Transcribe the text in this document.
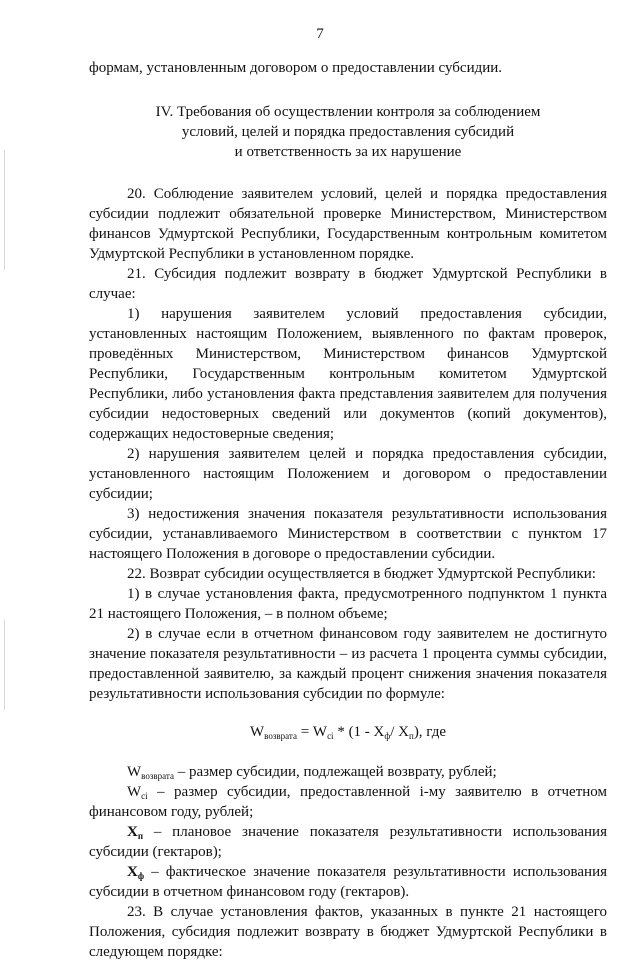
7

формам, установленным договором о предоставлении субсидии.

IV. Требования об осуществлении контроля за соблюдением
условий, целей и порядка предоставления субсидий
и ответственность за их нарушение

20. Соблюдение заявителем условий, целей и порядка предоставления субсидии подлежит обязательной проверке Министерством, Министерством финансов Удмуртской Республики, Государственным контрольным комитетом Удмуртской Республики в установленном порядке.

21. Субсидия подлежит возврату в бюджет Удмуртской Республики в случае:

1) нарушения заявителем условий предоставления субсидии, установленных настоящим Положением, выявленного по фактам проверок, проведённых Министерством, Министерством финансов Удмуртской Республики, Государственным контрольным комитетом Удмуртской Республики, либо установления факта представления заявителем для получения субсидии недостоверных сведений или документов (копий документов), содержащих недостоверные сведения;

2) нарушения заявителем целей и порядка предоставления субсидии, установленного настоящим Положением и договором о предоставлении субсидии;

3) недостижения значения показателя результативности использования субсидии, устанавливаемого Министерством в соответствии с пунктом 17 настоящего Положения в договоре о предоставлении субсидии.

22. Возврат субсидии осуществляется в бюджет Удмуртской Республики:

1) в случае установления факта, предусмотренного подпунктом 1 пункта 21 настоящего Положения, – в полном объеме;

2) в случае если в отчетном финансовом году заявителем не достигнуто значение показателя результативности – из расчета 1 процента суммы субсидии, предоставленной заявителю, за каждый процент снижения значения показателя результативности использования субсидии по формуле:

$W_{возврата} = W_{ci} * (1 - X_ф/$ $X_п$), где

$W_{возврата}$ – размер субсидии, подлежащей возврату, рублей;

$W_{ci}$ – размер субсидии, предоставленной i-му заявителю в отчетном финансовом году, рублей;

$X_п$ – плановое значение показателя результативности использования субсидии (гектаров);

$X_ф$ – фактическое значение показателя результативности использования субсидии в отчетном финансовом году (гектаров).

23. В случае установления фактов, указанных в пункте 21 настоящего Положения, субсидия подлежит возврату в бюджет Удмуртской Республики в следующем порядке:
